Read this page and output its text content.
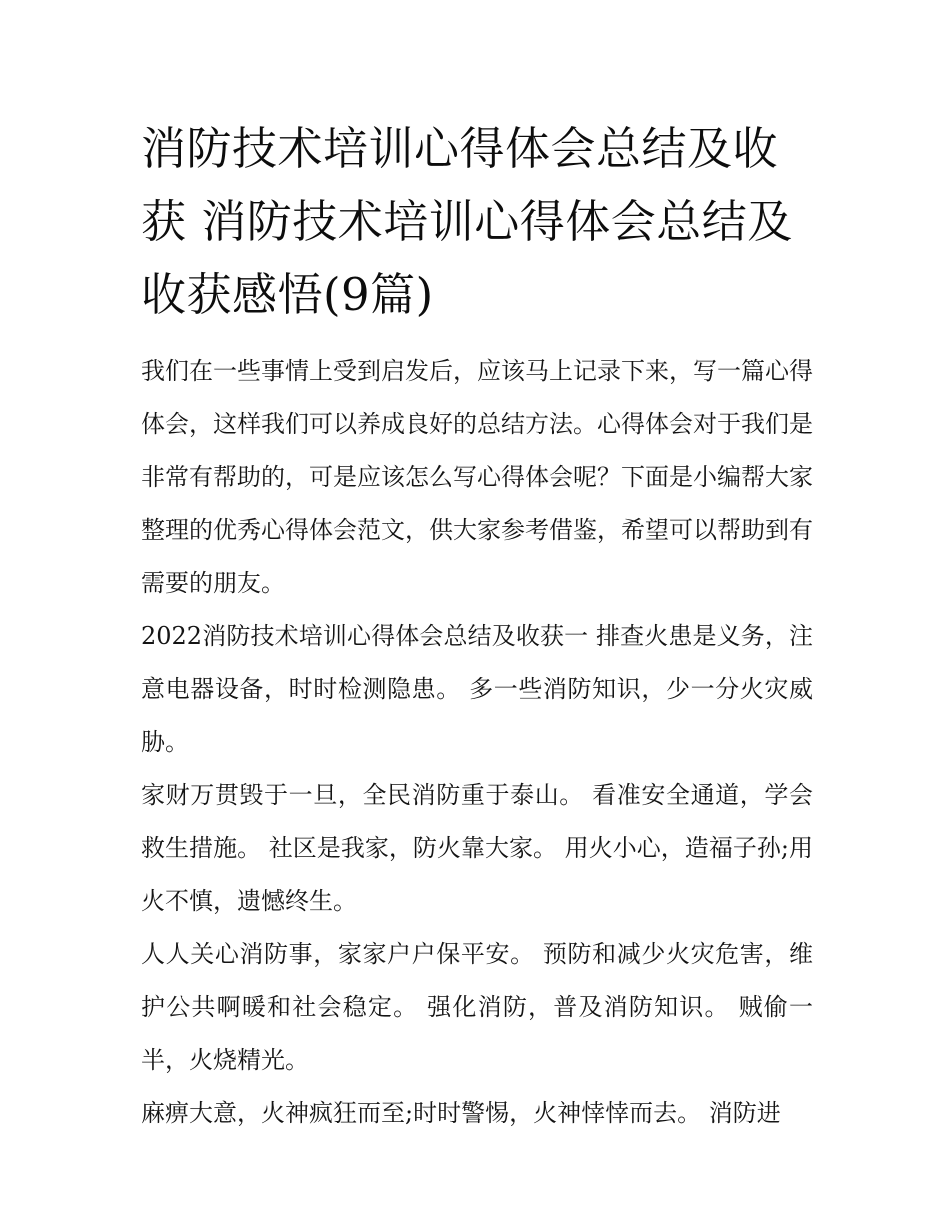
消防技术培训心得体会总结及收获 消防技术培训心得体会总结及收获感悟(9篇)

我们在一些事情上受到启发后，应该马上记录下来，写一篇心得体会，这样我们可以养成良好的总结方法。心得体会对于我们是非常有帮助的，可是应该怎么写心得体会呢？下面是小编帮大家整理的优秀心得体会范文，供大家参考借鉴，希望可以帮助到有需要的朋友。

2022消防技术培训心得体会总结及收获一 排查火患是义务，注意电器设备，时时检测隐患。 多一些消防知识，少一分火灾威胁。

家财万贯毁于一旦，全民消防重于泰山。 看准安全通道，学会救生措施。 社区是我家，防火靠大家。 用火小心，造福子孙;用火不慎，遗憾终生。

人人关心消防事，家家户户保平安。 预防和减少火灾危害，维护公共啊暖和社会稳定。 强化消防，普及消防知识。 贼偷一半，火烧精光。

麻痹大意，火神疯狂而至;时时警惕，火神悻悻而去。 消防进
